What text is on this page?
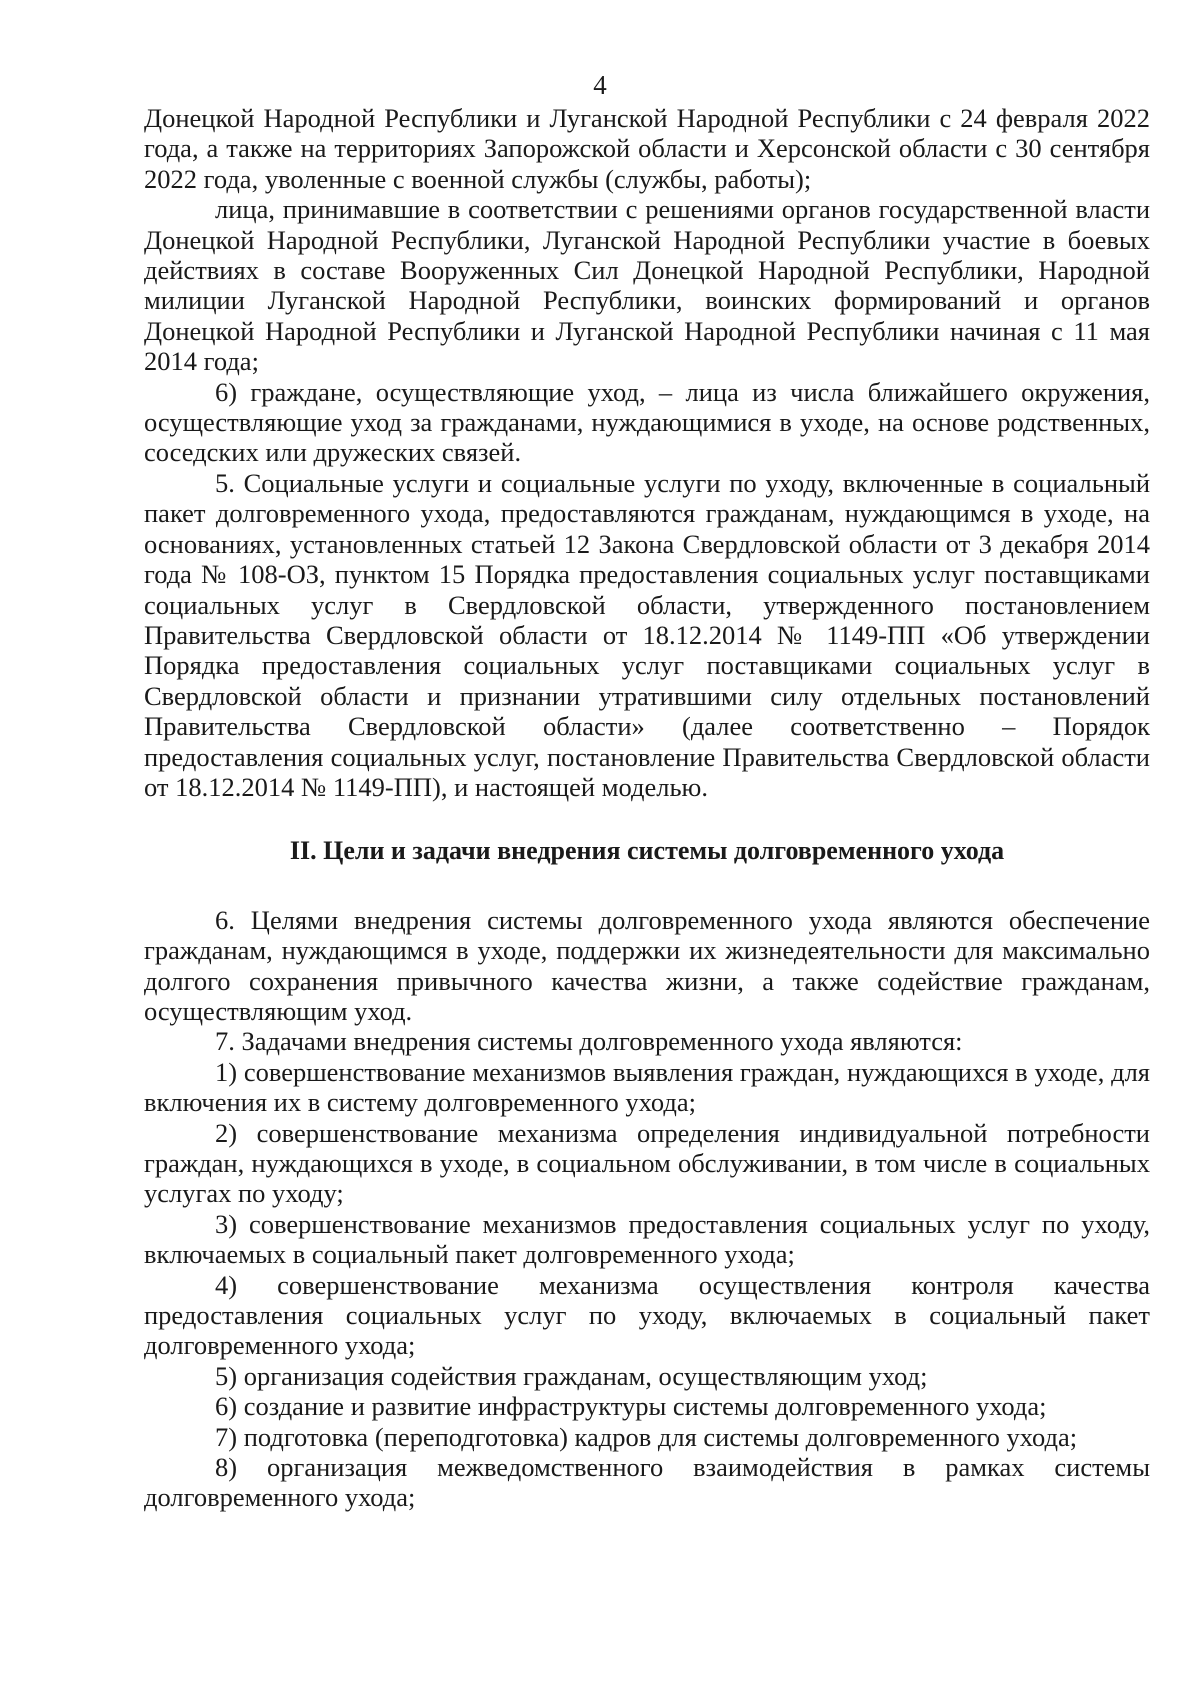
4

Донецкой Народной Республики и Луганской Народной Республики с 24 февраля 2022 года, а также на территориях Запорожской области и Херсонской области с 30 сентября 2022 года, уволенные с военной службы (службы, работы);

лица, принимавшие в соответствии с решениями органов государственной власти Донецкой Народной Республики, Луганской Народной Республики участие в боевых действиях в составе Вооруженных Сил Донецкой Народной Республики, Народной милиции Луганской Народной Республики, воинских формирований и органов Донецкой Народной Республики и Луганской Народной Республики начиная с 11 мая 2014 года;

6) граждане, осуществляющие уход, – лица из числа ближайшего окружения, осуществляющие уход за гражданами, нуждающимися в уходе, на основе родственных, соседских или дружеских связей.

5. Социальные услуги и социальные услуги по уходу, включенные в социальный пакет долговременного ухода, предоставляются гражданам, нуждающимся в уходе, на основаниях, установленных статьей 12 Закона Свердловской области от 3 декабря 2014 года № 108-ОЗ, пунктом 15 Порядка предоставления социальных услуг поставщиками социальных услуг в Свердловской области, утвержденного постановлением Правительства Свердловской области от 18.12.2014 № 1149-ПП «Об утверждении Порядка предоставления социальных услуг поставщиками социальных услуг в Свердловской области и признании утратившими силу отдельных постановлений Правительства Свердловской области» (далее соответственно – Порядок предоставления социальных услуг, постановление Правительства Свердловской области от 18.12.2014 № 1149-ПП), и настоящей моделью.

II. Цели и задачи внедрения системы долговременного ухода

6. Целями внедрения системы долговременного ухода являются обеспечение гражданам, нуждающимся в уходе, поддержки их жизнедеятельности для максимально долгого сохранения привычного качества жизни, а также содействие гражданам, осуществляющим уход.

7. Задачами внедрения системы долговременного ухода являются:

1) совершенствование механизмов выявления граждан, нуждающихся в уходе, для включения их в систему долговременного ухода;

2) совершенствование механизма определения индивидуальной потребности граждан, нуждающихся в уходе, в социальном обслуживании, в том числе в социальных услугах по уходу;

3) совершенствование механизмов предоставления социальных услуг по уходу, включаемых в социальный пакет долговременного ухода;

4) совершенствование механизма осуществления контроля качества предоставления социальных услуг по уходу, включаемых в социальный пакет долговременного ухода;

5) организация содействия гражданам, осуществляющим уход;

6) создание и развитие инфраструктуры системы долговременного ухода;

7) подготовка (переподготовка) кадров для системы долговременного ухода;

8) организация межведомственного взаимодействия в рамках системы долговременного ухода;
